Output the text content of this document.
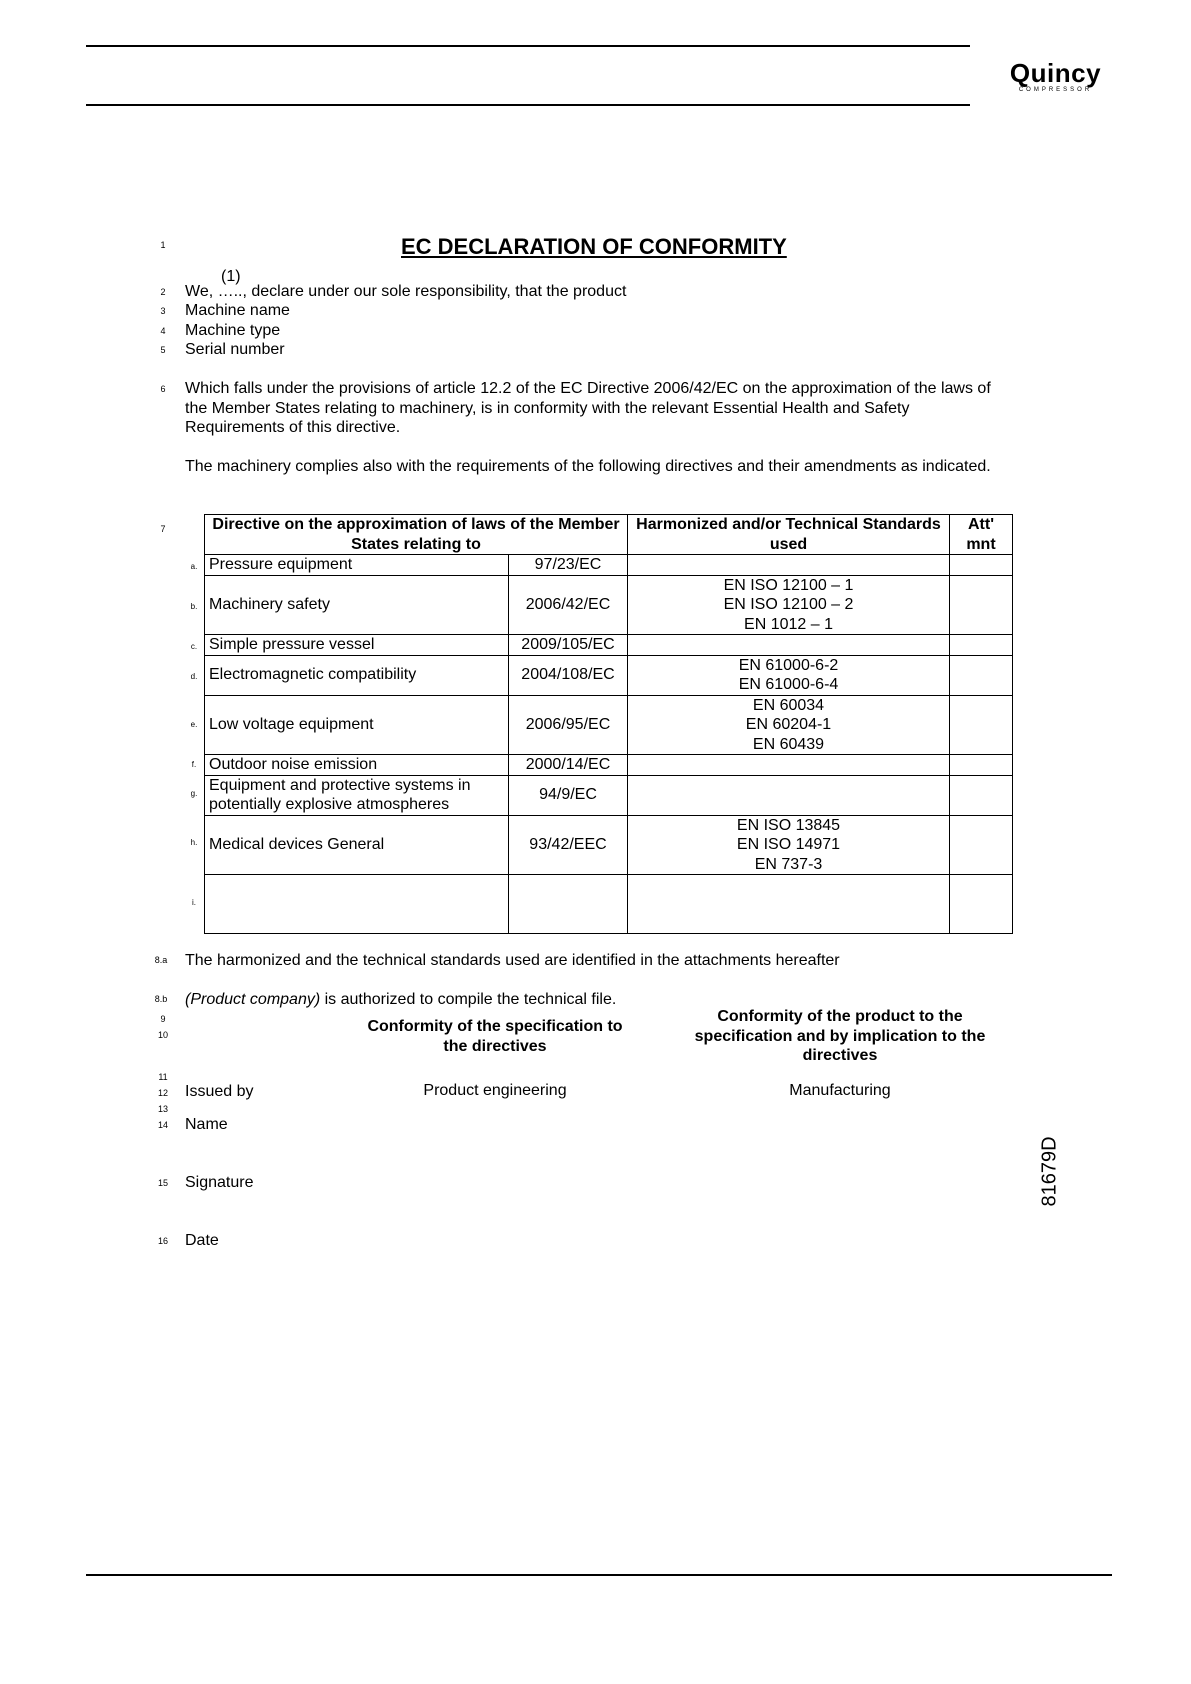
Quincy
COMPRESSOR
1	EC DECLARATION OF CONFORMITY
(1)
2	We, ….., declare under our sole responsibility, that the product
3	Machine name
4	Machine type
5	Serial number
6	Which falls under the provisions of article 12.2 of the EC Directive 2006/42/EC on the approximation of the laws of the Member States relating to machinery, is in conformity with the relevant Essential Health and Safety Requirements of this directive.
The machinery complies also with the requirements of the following directives and their amendments as indicated.
7
a.
b.
c.
d.
e.
f.
g.
h.
i.
Directive on the approximation of laws of the Member States relating to		Harmonized and/or Technical Standards used	Att' mnt
Pressure equipment	97/23/EC		
Machinery safety	2006/42/EC	EN ISO 12100 – 1
EN ISO 12100 – 2
EN 1012 – 1	

Simple pressure vessel	2009/105/EC		
Electromagnetic compatibility	2004/108/EC	EN 61000-6-2
EN 61000-6-4	

Low voltage equipment	2006/95/EC	EN 60034
EN 60204-1
EN 60439	

Outdoor noise emission	2000/14/EC		
Equipment and protective systems in potentially explosive atmospheres	94/9/EC		
Medical devices General	93/42/EEC	EN ISO 13845
EN ISO 14971
EN 737-3	

8.a	The harmonized and the technical standards used are identified in the attachments hereafter
8.b	(Product company) is authorized to compile the technical file.
9
10	Conformity of the specification to the directives
Conformity of the product to the specification and by implication to the directives
11
12	Issued by	Product engineering	Manufacturing
13
14	Name
15	Signature
16	Date
81679D
